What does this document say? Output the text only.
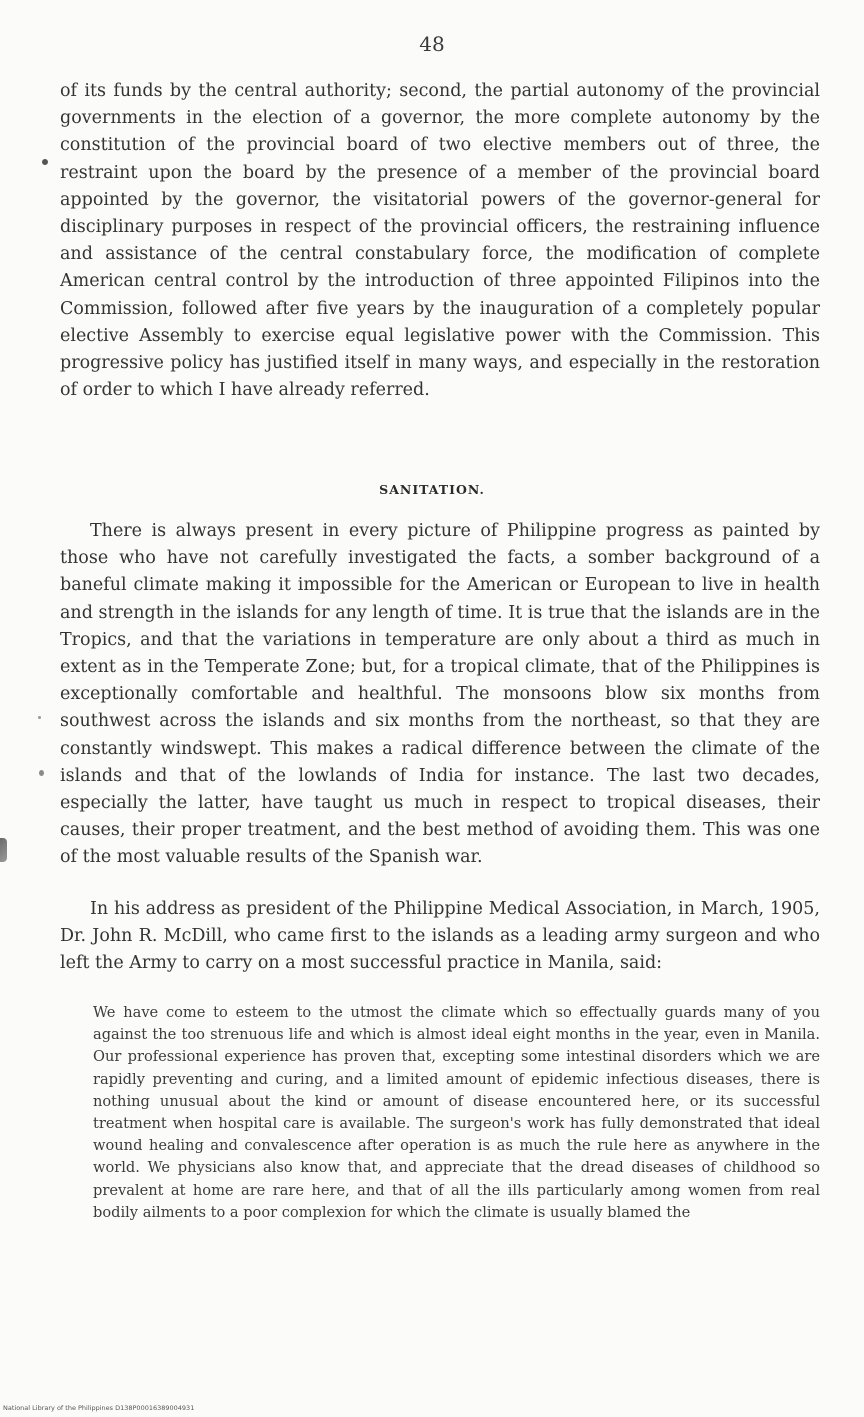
48
of its funds by the central authority; second, the partial autonomy of the provincial governments in the election of a governor, the more complete autonomy by the constitution of the provincial board of two elective members out of three, the restraint upon the board by the presence of a member of the provincial board appointed by the governor, the visitatorial powers of the governor-general for disciplinary purposes in respect of the provincial officers, the restraining influence and assistance of the central constabulary force, the modification of complete American central control by the introduction of three appointed Filipinos into the Commission, followed after five years by the inauguration of a completely popular elective Assembly to exercise equal legislative power with the Commission. This progressive policy has justified itself in many ways, and especially in the restoration of order to which I have already referred.
SANITATION.
There is always present in every picture of Philippine progress as painted by those who have not carefully investigated the facts, a somber background of a baneful climate making it impossible for the American or European to live in health and strength in the islands for any length of time. It is true that the islands are in the Tropics, and that the variations in temperature are only about a third as much in extent as in the Temperate Zone; but, for a tropical climate, that of the Philippines is exceptionally comfortable and healthful. The monsoons blow six months from southwest across the islands and six months from the northeast, so that they are constantly windswept. This makes a radical difference between the climate of the islands and that of the lowlands of India for instance. The last two decades, especially the latter, have taught us much in respect to tropical diseases, their causes, their proper treatment, and the best method of avoiding them. This was one of the most valuable results of the Spanish war.
In his address as president of the Philippine Medical Association, in March, 1905, Dr. John R. McDill, who came first to the islands as a leading army surgeon and who left the Army to carry on a most successful practice in Manila, said:
We have come to esteem to the utmost the climate which so effectually guards many of you against the too strenuous life and which is almost ideal eight months in the year, even in Manila. Our professional experience has proven that, excepting some intestinal disorders which we are rapidly preventing and curing, and a limited amount of epidemic infectious diseases, there is nothing unusual about the kind or amount of disease encountered here, or its successful treatment when hospital care is available. The surgeon's work has fully demonstrated that ideal wound healing and convalescence after operation is as much the rule here as anywhere in the world. We physicians also know that, and appreciate that the dread diseases of childhood so prevalent at home are rare here, and that of all the ills particularly among women from real bodily ailments to a poor complexion for which the climate is usually blamed the
National Library of the Philippines D138P00016389004931
